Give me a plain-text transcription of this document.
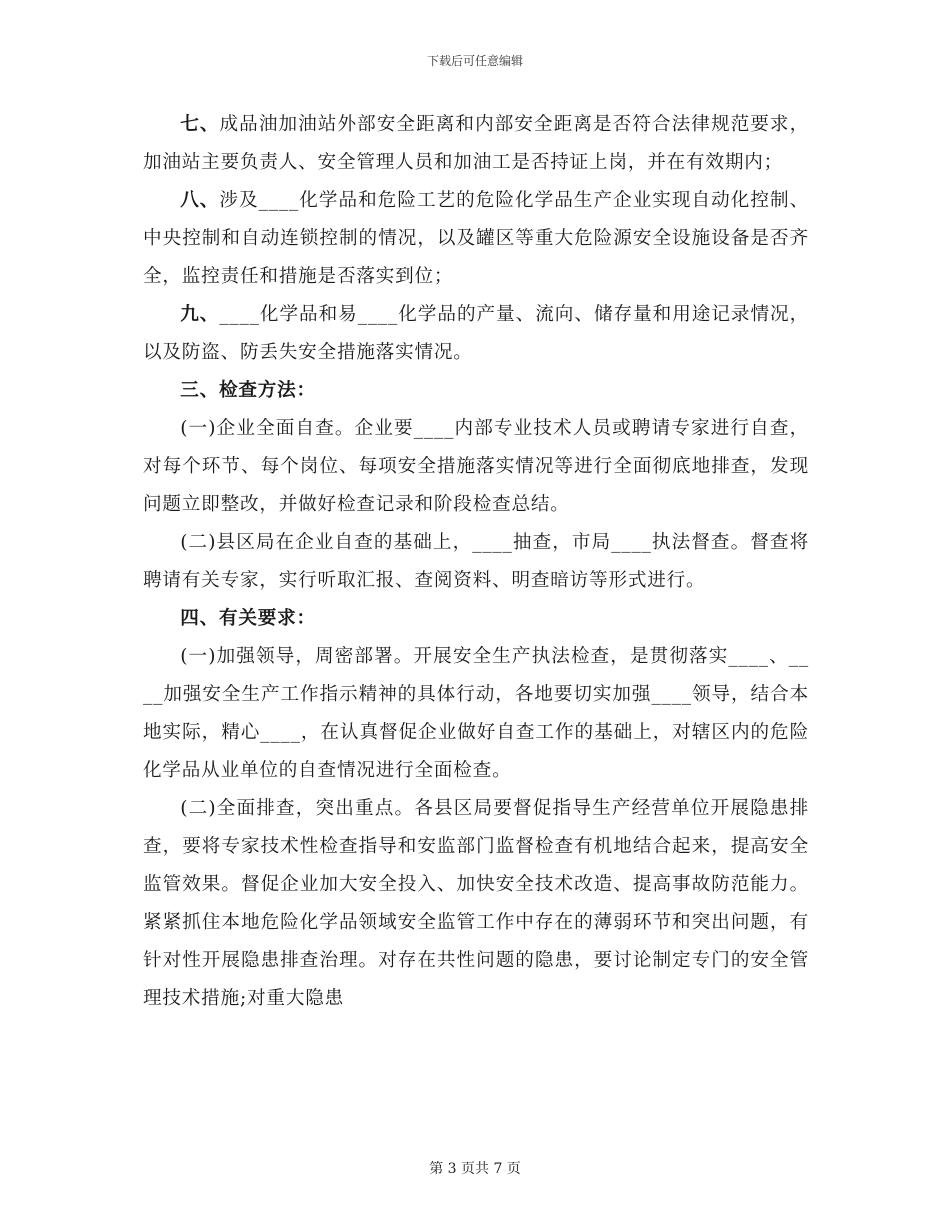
下载后可任意编辑

七、成品油加油站外部安全距离和内部安全距离是否符合法律规范要求，加油站主要负责人、安全管理人员和加油工是否持证上岗，并在有效期内；

八、涉及____化学品和危险工艺的危险化学品生产企业实现自动化控制、中央控制和自动连锁控制的情况，以及罐区等重大危险源安全设施设备是否齐全，监控责任和措施是否落实到位；

九、____化学品和易____化学品的产量、流向、储存量和用途记录情况，以及防盗、防丢失安全措施落实情况。

三、检查方法：

(一)企业全面自查。企业要____内部专业技术人员或聘请专家进行自查，对每个环节、每个岗位、每项安全措施落实情况等进行全面彻底地排查，发现问题立即整改，并做好检查记录和阶段检查总结。

(二)县区局在企业自查的基础上，____抽查，市局____执法督查。督查将聘请有关专家，实行听取汇报、查阅资料、明查暗访等形式进行。

四、有关要求：

(一)加强领导，周密部署。开展安全生产执法检查，是贯彻落实____、____加强安全生产工作指示精神的具体行动，各地要切实加强____领导，结合本地实际，精心____，在认真督促企业做好自查工作的基础上，对辖区内的危险化学品从业单位的自查情况进行全面检查。

(二)全面排查，突出重点。各县区局要督促指导生产经营单位开展隐患排查，要将专家技术性检查指导和安监部门监督检查有机地结合起来，提高安全监管效果。督促企业加大安全投入、加快安全技术改造、提高事故防范能力。紧紧抓住本地危险化学品领域安全监管工作中存在的薄弱环节和突出问题，有针对性开展隐患排查治理。对存在共性问题的隐患，要讨论制定专门的安全管理技术措施;对重大隐患

第 3 页共 7 页
